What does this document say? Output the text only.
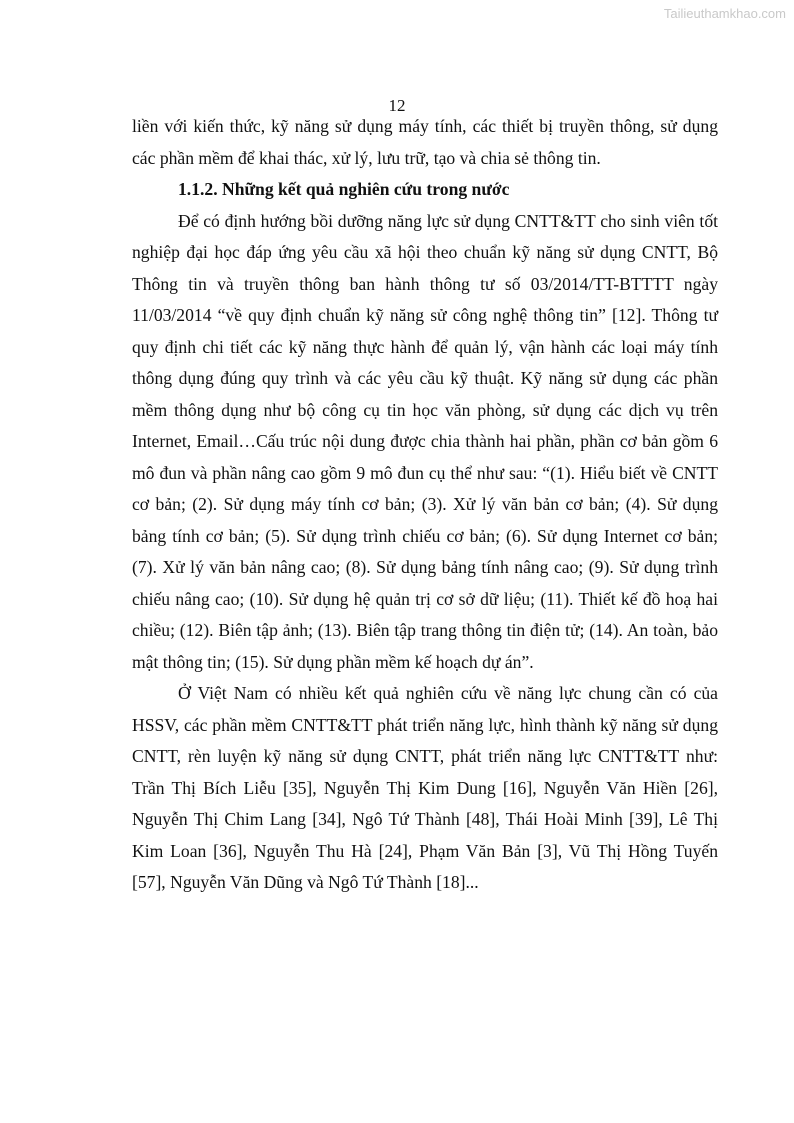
Tailieuthamkhao.com
12

liền với kiến thức, kỹ năng sử dụng máy tính, các thiết bị truyền thông, sử dụng các phần mềm để khai thác, xử lý, lưu trữ, tạo và chia sẻ thông tin.

1.1.2. Những kết quả nghiên cứu trong nước

Để có định hướng bồi dưỡng năng lực sử dụng CNTT&TT cho sinh viên tốt nghiệp đại học đáp ứng yêu cầu xã hội theo chuẩn kỹ năng sử dụng CNTT, Bộ Thông tin và truyền thông ban hành thông tư số 03/2014/TT-BTTTT ngày 11/03/2014 “về quy định chuẩn kỹ năng sử công nghệ thông tin” [12]. Thông tư quy định chi tiết các kỹ năng thực hành để quản lý, vận hành các loại máy tính thông dụng đúng quy trình và các yêu cầu kỹ thuật. Kỹ năng sử dụng các phần mềm thông dụng như bộ công cụ tin học văn phòng, sử dụng các dịch vụ trên Internet, Email…Cấu trúc nội dung được chia thành hai phần, phần cơ bản gồm 6 mô đun và phần nâng cao gồm 9 mô đun cụ thể như sau: “(1). Hiểu biết về CNTT cơ bản; (2). Sử dụng máy tính cơ bản; (3). Xử lý văn bản cơ bản; (4). Sử dụng bảng tính cơ bản; (5). Sử dụng trình chiếu cơ bản; (6). Sử dụng Internet cơ bản; (7). Xử lý văn bản nâng cao; (8). Sử dụng bảng tính nâng cao; (9). Sử dụng trình chiếu nâng cao; (10). Sử dụng hệ quản trị cơ sở dữ liệu; (11). Thiết kế đồ hoạ hai chiều; (12). Biên tập ảnh; (13). Biên tập trang thông tin điện tử; (14). An toàn, bảo mật thông tin; (15). Sử dụng phần mềm kế hoạch dự án”.

Ở Việt Nam có nhiều kết quả nghiên cứu về năng lực chung cần có của HSSV, các phần mềm CNTT&TT phát triển năng lực, hình thành kỹ năng sử dụng CNTT, rèn luyện kỹ năng sử dụng CNTT, phát triển năng lực CNTT&TT như: Trần Thị Bích Liễu [35], Nguyễn Thị Kim Dung [16], Nguyễn Văn Hiền [26], Nguyễn Thị Chim Lang [34], Ngô Tứ Thành [48], Thái Hoài Minh [39], Lê Thị Kim Loan [36], Nguyễn Thu Hà [24], Phạm Văn Bản [3], Vũ Thị Hồng Tuyến [57], Nguyễn Văn Dũng và Ngô Tứ Thành [18]...
